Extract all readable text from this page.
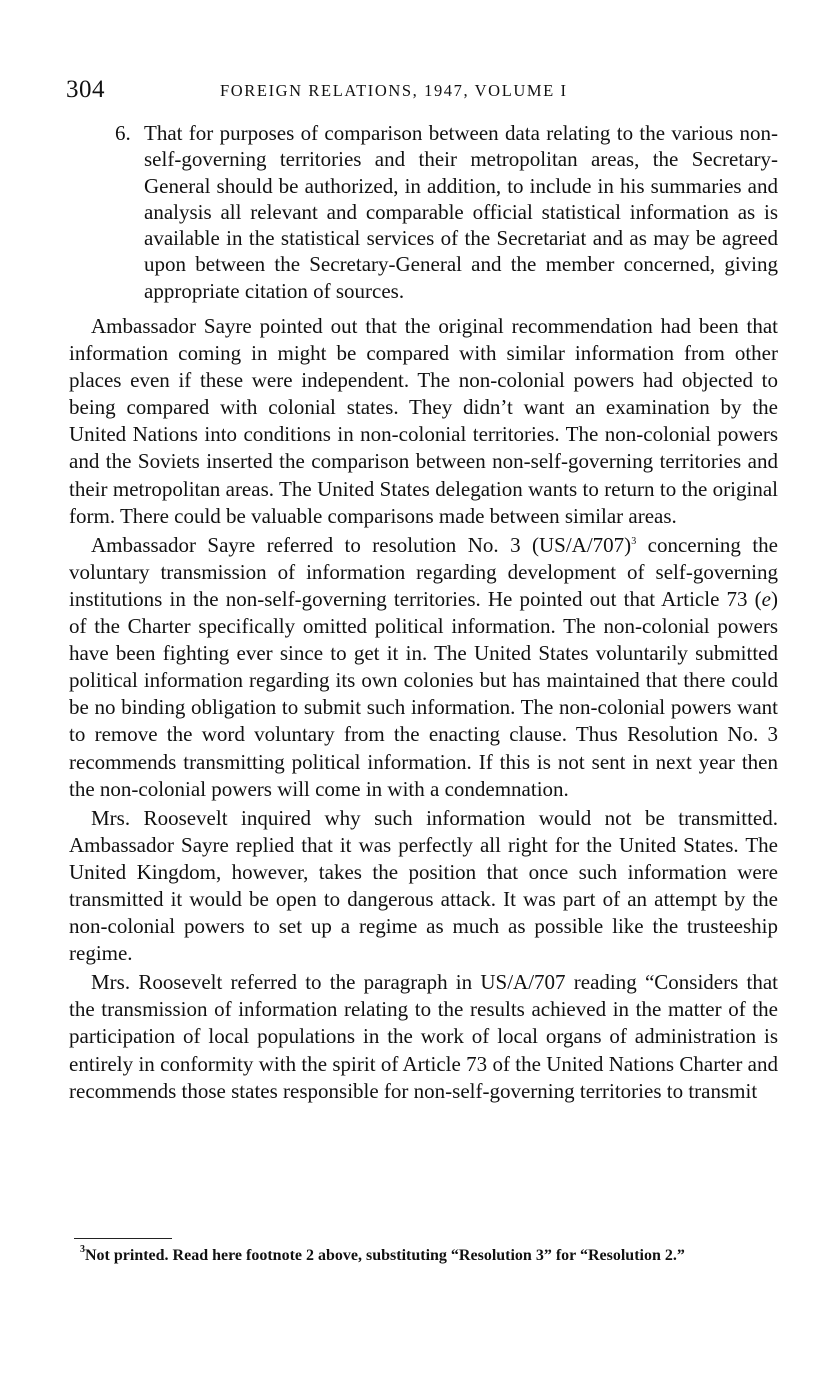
304	FOREIGN RELATIONS, 1947, VOLUME I
6. That for purposes of comparison between data relating to the various non-self-governing territories and their metropolitan areas, the Secretary-General should be authorized, in addition, to include in his summaries and analysis all relevant and comparable official statistical information as is available in the statistical services of the Secretariat and as may be agreed upon between the Secretary-General and the member concerned, giving appropriate citation of sources.

Ambassador Sayre pointed out that the original recommendation had been that information coming in might be compared with similar information from other places even if these were independent. The non-colonial powers had objected to being compared with colonial states. They didn’t want an examination by the United Nations into conditions in non-colonial territories. The non-colonial powers and the Soviets inserted the comparison between non-self-governing territories and their metropolitan areas. The United States delegation wants to return to the original form. There could be valuable comparisons made between similar areas.

Ambassador Sayre referred to resolution No. 3 $(US/A/707)^3$ concerning the voluntary transmission of information regarding development of self-governing institutions in the non-self-governing territories. He pointed out that Article 73 (e) of the Charter specifically omitted political information. The non-colonial powers have been fighting ever since to get it in. The United States voluntarily submitted political information regarding its own colonies but has maintained that there could be no binding obligation to submit such information. The non-colonial powers want to remove the word voluntary from the enacting clause. Thus Resolution No. 3 recommends transmitting political information. If this is not sent in next year then the non-colonial powers will come in with a condemnation.

Mrs. Roosevelt inquired why such information would not be transmitted. Ambassador Sayre replied that it was perfectly all right for the United States. The United Kingdom, however, takes the position that once such information were transmitted it would be open to dangerous attack. It was part of an attempt by the non-colonial powers to set up a regime as much as possible like the trusteeship regime.

Mrs. Roosevelt referred to the paragraph in US/A/707 reading “Considers that the transmission of information relating to the results achieved in the matter of the participation of local populations in the work of local organs of administration is entirely in conformity with the spirit of Article 73 of the United Nations Charter and recommends those states responsible for non-self-governing territories to transmit

$^3$Not printed. Read here footnote 2 above, substituting “Resolution 3” for “Resolution 2.”
